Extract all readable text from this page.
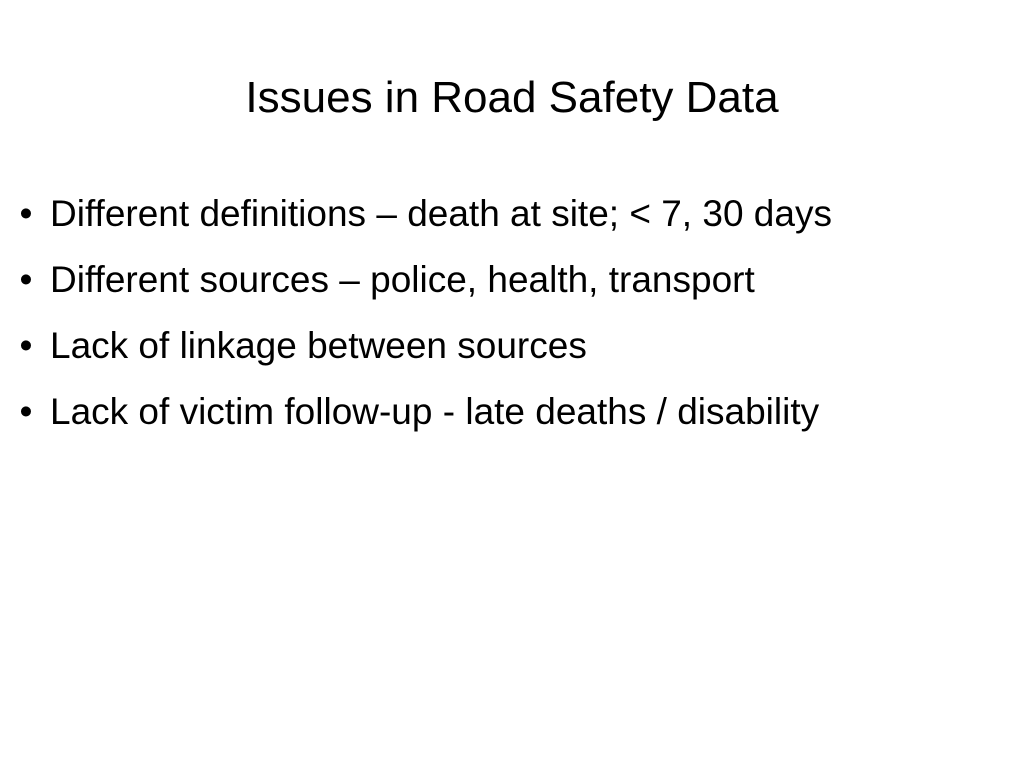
Issues in Road Safety Data
• Different definitions – death at site; < 7, 30 days
• Different sources – police, health, transport
• Lack of linkage between sources
• Lack of victim follow-up - late deaths / disability
